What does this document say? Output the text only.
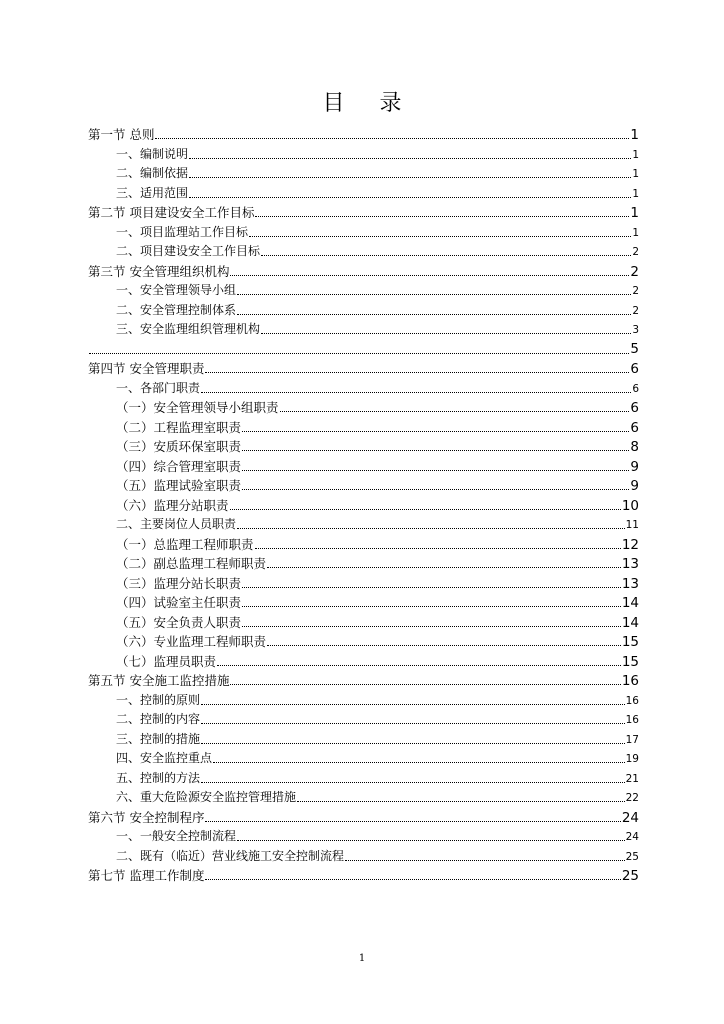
目 录
第一节 总则	1
一、编制说明	1
二、编制依据	1
三、适用范围	1
第二节 项目建设安全工作目标	1
一、项目监理站工作目标	1
二、项目建设安全工作目标	2
第三节 安全管理组织机构	2
一、安全管理领导小组	2
二、安全管理控制体系	2
三、安全监理组织管理机构	3
5
第四节 安全管理职责	6
一、各部门职责	6
（一）安全管理领导小组职责	6
（二）工程监理室职责	6
（三）安质环保室职责	8
（四）综合管理室职责	9
（五）监理试验室职责	9
（六）监理分站职责	10
二、主要岗位人员职责	11
（一）总监理工程师职责	12
（二）副总监理工程师职责	13
（三）监理分站长职责	13
（四）试验室主任职责	14
（五）安全负责人职责	14
（六）专业监理工程师职责	15
（七）监理员职责	15
第五节 安全施工监控措施	16
一、控制的原则	16
二、控制的内容	16
三、控制的措施	17
四、安全监控重点	19
五、控制的方法	21
六、重大危险源安全监控管理措施	22
第六节 安全控制程序	24
一、一般安全控制流程	24
二、既有（临近）营业线施工安全控制流程	25
第七节 监理工作制度	25
1
